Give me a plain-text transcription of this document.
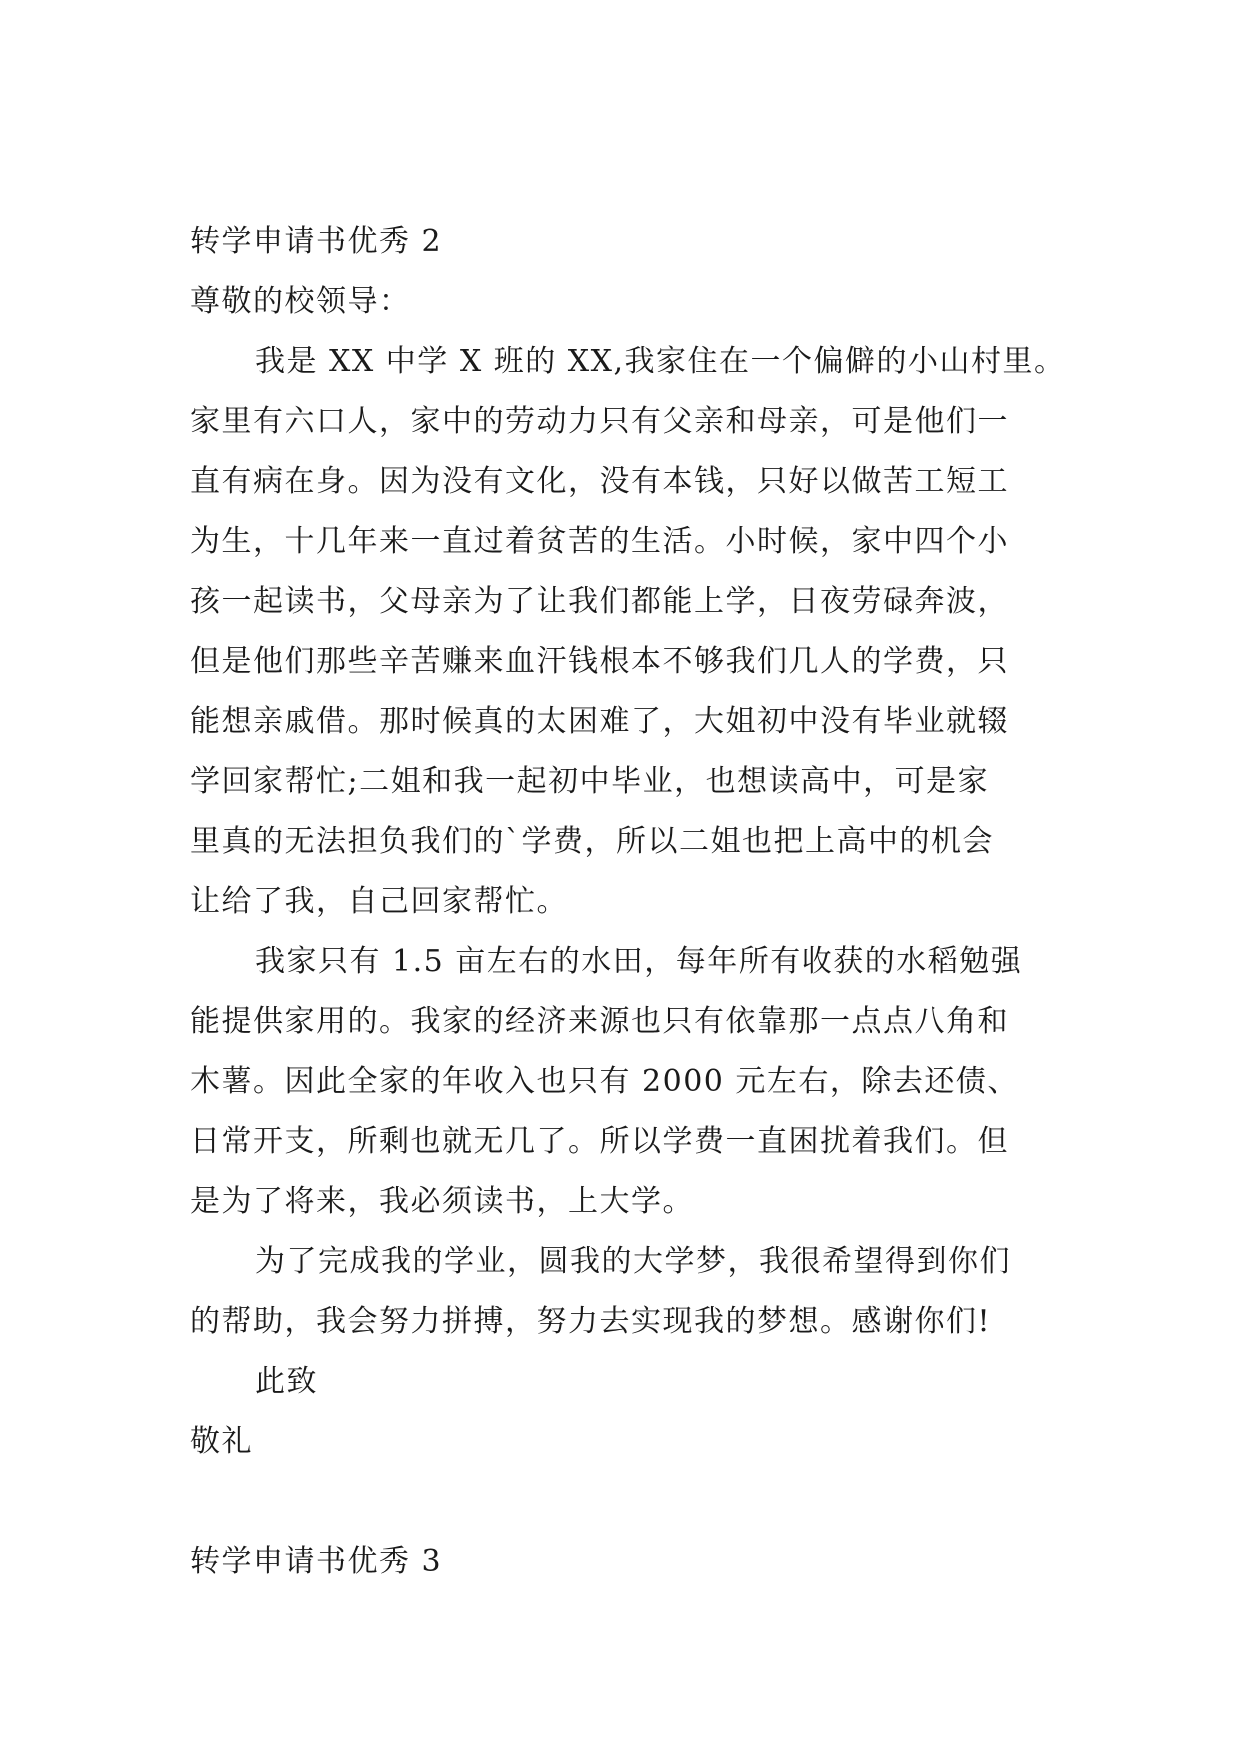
转学申请书优秀 2
尊敬的校领导：
我是 XX 中学 X 班的 XX,我家住在一个偏僻的小山村里。
家里有六口人，家中的劳动力只有父亲和母亲，可是他们一
直有病在身。因为没有文化，没有本钱，只好以做苦工短工
为生，十几年来一直过着贫苦的生活。小时候，家中四个小
孩一起读书，父母亲为了让我们都能上学，日夜劳碌奔波，
但是他们那些辛苦赚来血汗钱根本不够我们几人的学费，只
能想亲戚借。那时候真的太困难了，大姐初中没有毕业就辍
学回家帮忙;二姐和我一起初中毕业，也想读高中，可是家
里真的无法担负我们的`学费，所以二姐也把上高中的机会
让给了我，自己回家帮忙。
我家只有 1.5 亩左右的水田，每年所有收获的水稻勉强
能提供家用的。我家的经济来源也只有依靠那一点点八角和
木薯。因此全家的年收入也只有 2000 元左右，除去还债、
日常开支，所剩也就无几了。所以学费一直困扰着我们。但
是为了将来，我必须读书，上大学。
为了完成我的学业，圆我的大学梦，我很希望得到你们
的帮助，我会努力拼搏，努力去实现我的梦想。感谢你们!
此致
敬礼
转学申请书优秀 3
